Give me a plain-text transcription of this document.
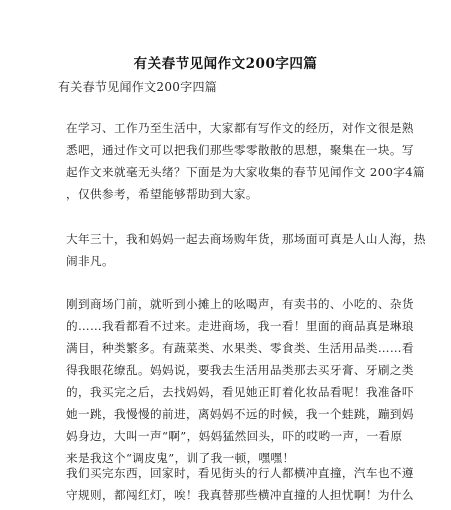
有关春节见闻作文200字四篇
有关春节见闻作文200字四篇
在学习、工作乃至生活中，大家都有写作文的经历，对作文很是熟
悉吧，通过作文可以把我们那些零零散散的思想，聚集在一块。写
起作文来就毫无头绪？下面是为大家收集的春节见闻作文 200字4篇
，仅供参考，希望能够帮助到大家。
大年三十，我和妈妈一起去商场购年货，那场面可真是人山人海，热
闹非凡。
刚到商场门前，就听到小摊上的吆喝声，有卖书的、小吃的、杂货
的……我看都看不过来。走进商场，我一看！里面的商品真是琳琅
满目，种类繁多。有蔬菜类、水果类、零食类、生活用品类……看
得我眼花缭乱。妈妈说，要我去生活用品类那去买牙膏、牙刷之类
的，我买完之后，去找妈妈，看见她正盯着化妆品看呢！我准备吓
她一跳，我慢慢的前进，离妈妈不远的时候，我一个蛙跳，蹦到妈
妈身边，大叫一声“啊”，妈妈猛然回头，吓的哎哟一声，一看原
来是我这个“调皮鬼”，训了我一顿，嘿嘿！
我们买完东西，回家时，看见街头的行人都横冲直撞，汽车也不遵
守规则，都闯红灯，唉！我真替那些横冲直撞的人担忧啊！为什么
